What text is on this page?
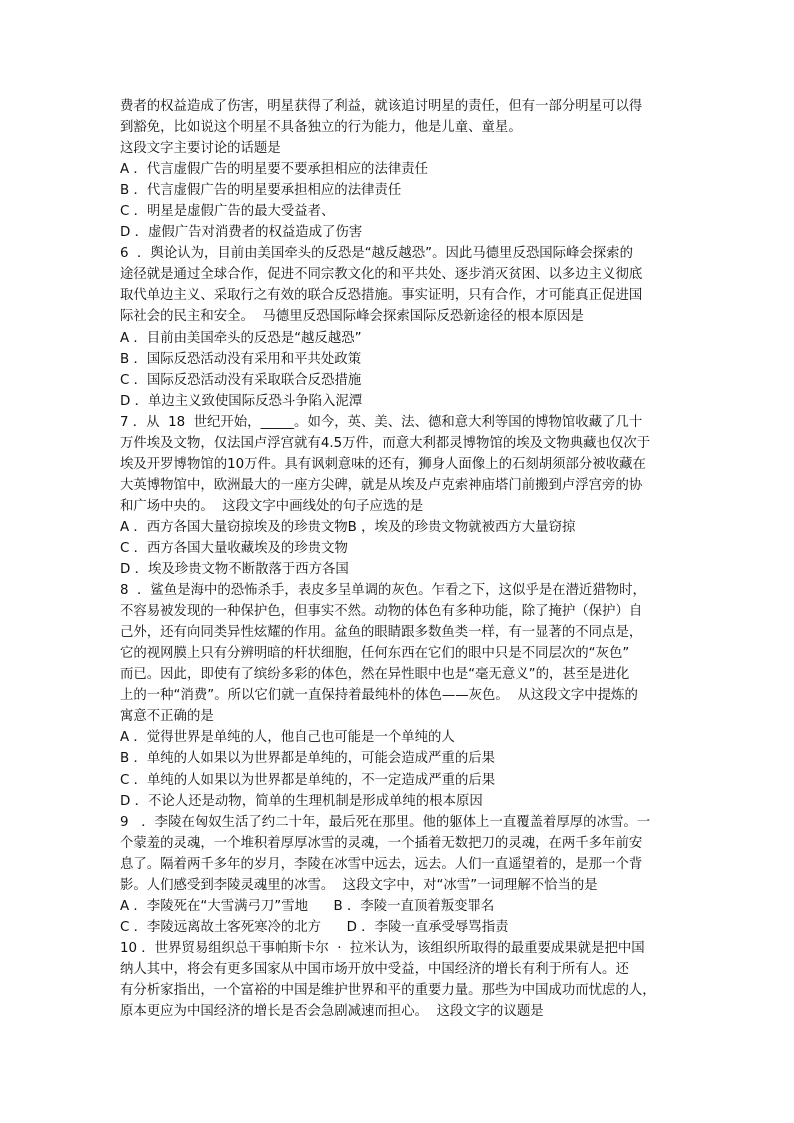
费者的权益造成了伤害，明星获得了利益，就该追讨明星的责任，但有一部分明星可以得

到豁免，比如说这个明星不具备独立的行为能力，他是儿童、童星。

这段文字主要讨论的话题是

A ．代言虚假广告的明星要不要承担相应的法律责任

B ．代言虚假广告的明星要承担相应的法律责任

C ．明星是虚假广告的最大受益者、

D ．虚假广告对消费者的权益造成了伤害

6  ．舆论认为，目前由美国牵头的反恐是“越反越恐”。因此马德里反恐国际峰会探索的

途径就是通过全球合作，促进不同宗教文化的和平共处、逐步消灭贫困、以多边主义彻底

取代单边主义、采取行之有效的联合反恐措施。事实证明，只有合作，才可能真正促进国

际社会的民主和安全。  马德里反恐国际峰会探索国际反恐新途径的根本原因是

A ．目前由美国牵头的反恐是“越反越恐”

B ．国际反恐活动没有采用和平共处政策

C ．国际反恐活动没有采取联合反恐措施

D ．单边主义致使国际反恐斗争陷入泥潭

7 ．从  18  世纪开始，_____。如今，英、美、法、德和意大利等国的博物馆收藏了几十

万件埃及文物，仅法国卢浮宫就有4.5万件，而意大利都灵博物馆的埃及文物典藏也仅次于

埃及开罗博物馆的10万件。具有讽刺意味的还有，狮身人面像上的石刻胡须部分被收藏在

大英博物馆中，欧洲最大的一座方尖碑，就是从埃及卢克索神庙塔门前搬到卢浮宫旁的协

和广场中央的。  这段文字中画线处的句子应选的是

A ．西方各国大量窃掠埃及的珍贵文物B ，埃及的珍贵文物就被西方大量窃掠

C ．西方各国大量收藏埃及的珍贵文物

D ．埃及珍贵文物不断散落于西方各国

8  ．鲨鱼是海中的恐怖杀手，表皮多呈单调的灰色。乍看之下，这似乎是在潜近猎物时，

不容易被发现的一种保护色，但事实不然。动物的体色有多种功能，除了掩护（保护）自

己外，还有向同类异性炫耀的作用。盆鱼的眼睛跟多数鱼类一样，有一显著的不同点是，

它的视网膜上只有分辨明暗的杆状细胞，任何东西在它们的眼中只是不同层次的“灰色”

而已。因此，即使有了缤纷多彩的体色，然在异性眼中也是“毫无意义”的，甚至是进化

上的一种“消费”。所以它们就一直保持着最纯朴的体色——灰色。  从这段文字中提炼的

寓意不正确的是

A ．觉得世界是单纯的人，他自己也可能是一个单纯的人

B ．单纯的人如果以为世界都是单纯的，可能会造成严重的后果

C ．单纯的人如果以为世界都是单纯的，不一定造成严重的后果

D ．不论人还是动物，简单的生理机制是形成单纯的根本原因

9   ．李陵在匈奴生活了约二十年，最后死在那里。他的躯体上一直覆盖着厚厚的冰雪。一

个蒙羞的灵魂，一个堆积着厚厚冰雪的灵魂，一个插着无数把刀的灵魂，在两千多年前安

息了。隔着两千多年的岁月，李陵在冰雪中远去，远去。人们一直遥望着的，是那一个背

影。人们感受到李陵灵魂里的冰雪。  这段文字中，对“冰雪”一词理解不恰当的是

A ．李陵死在“大雪满弓刀”雪地      B ．李陵一直顶着叛变罪名

C ．李陵远离故土客死寒冷的北方      D ．李陵一直承受辱骂指责

10 ．世界贸易组织总干事帕斯卡尔  ·  拉米认为，该组织所取得的最重要成果就是把中国

纳人其中，将会有更多国家从中国市场开放中受益，中国经济的增长有利于所有人。还

有分析家指出，一个富裕的中国是维护世界和平的重要力量。那些为中国成功而忧虑的人，

原本更应为中国经济的增长是否会急剧减速而担心。  这段文字的议题是
